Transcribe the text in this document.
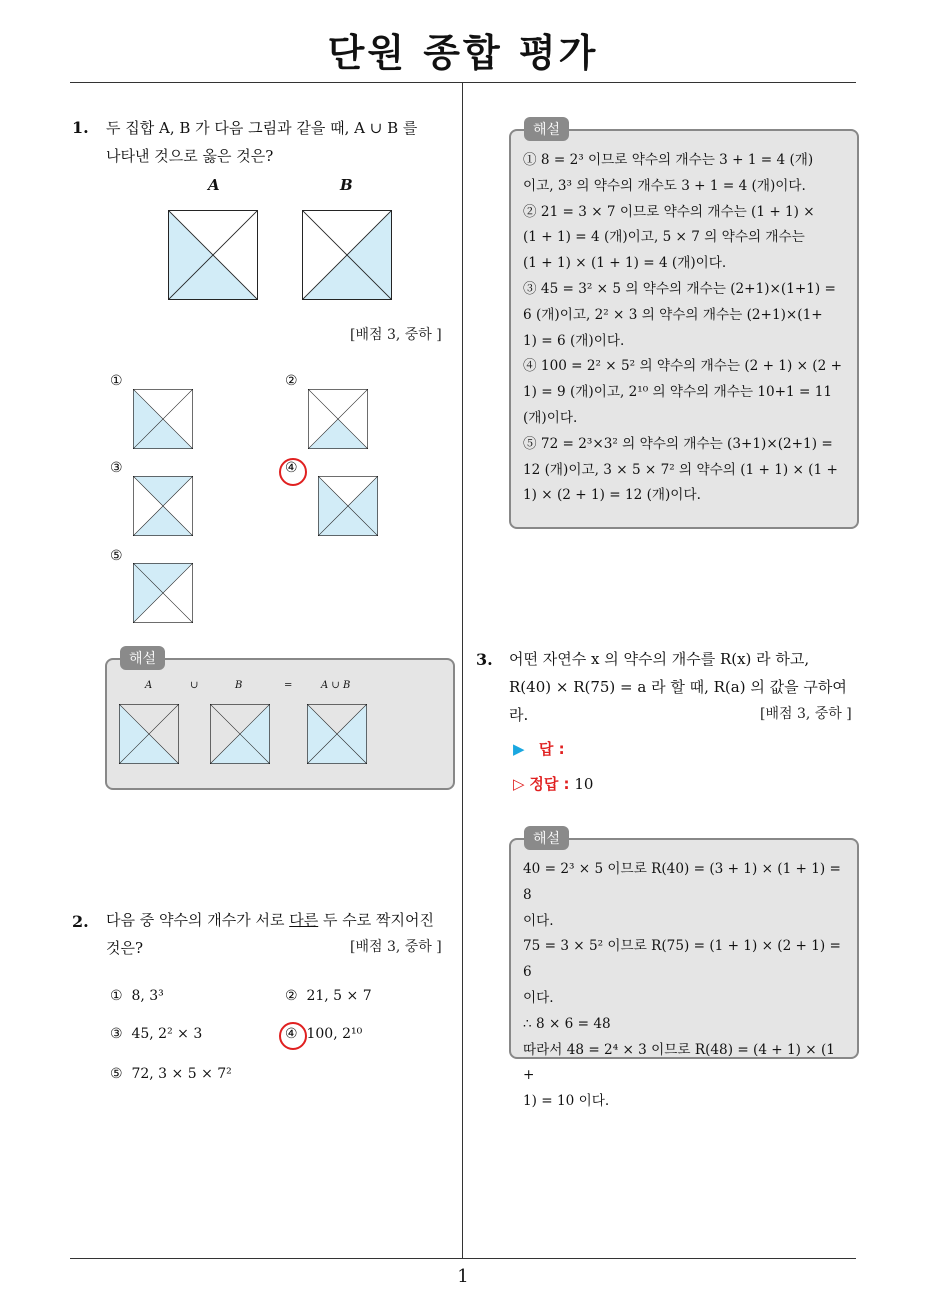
단원 종합 평가
1
1. 두 집합 A, B 가 다음 그림과 같을 때, A ∪ B 를
나타낸 것으로 옳은 것은?
A	B
[배점 3, 중하 ]
①	②
③	④
⑤
A	∪	B	=	A ∪ B
해설
2. 다음 중 약수의 개수가 서로 다른 두 수로 짝지어진
것은?	[배점 3, 중하 ]
① 8, 3³	② 21, 5 × 7
③ 45, 2² × 3	④ 100, 2¹⁰
⑤ 72, 3 × 5 × 7²

① 8 = 2³ 이므로 약수의 개수는 3 + 1 = 4 (개)

이고, 3³ 의 약수의 개수도 3 + 1 = 4 (개)이다.

② 21 = 3 × 7 이므로 약수의 개수는 (1 + 1) ×

(1 + 1) = 4 (개)이고, 5 × 7 의 약수의 개수는

(1 + 1) × (1 + 1) = 4 (개)이다.

③ 45 = 3² × 5 의 약수의 개수는 (2+1)×(1+1) =

6 (개)이고, 2² × 3 의 약수의 개수는 (2+1)×(1+

1) = 6 (개)이다.

④ 100 = 2² × 5² 의 약수의 개수는 (2 + 1) × (2 +

1) = 9 (개)이고, 2¹⁰ 의 약수의 개수는 10+1 = 11

(개)이다.

⑤ 72 = 2³×3² 의 약수의 개수는 (3+1)×(2+1) =

12 (개)이고, 3 × 5 × 7² 의 약수의 (1 + 1) × (1 +

1) × (2 + 1) = 12 (개)이다.

해설
3. 어떤 자연수 x 의 약수의 개수를 R(x) 라 하고,
R(40) × R(75) = a 라 할 때, R(a) 의 값을 구하여라.	[배점 3, 중하 ]
▶ 답 :
▷ 정답 : 10

40 = 2³ × 5 이므로 R(40) = (3 + 1) × (1 + 1) = 8

이다.

75 = 3 × 5² 이므로 R(75) = (1 + 1) × (2 + 1) = 6

이다.

∴ 8 × 6 = 48

따라서 48 = 2⁴ × 3 이므로 R(48) = (4 + 1) × (1 +

1) = 10 이다.

해설
